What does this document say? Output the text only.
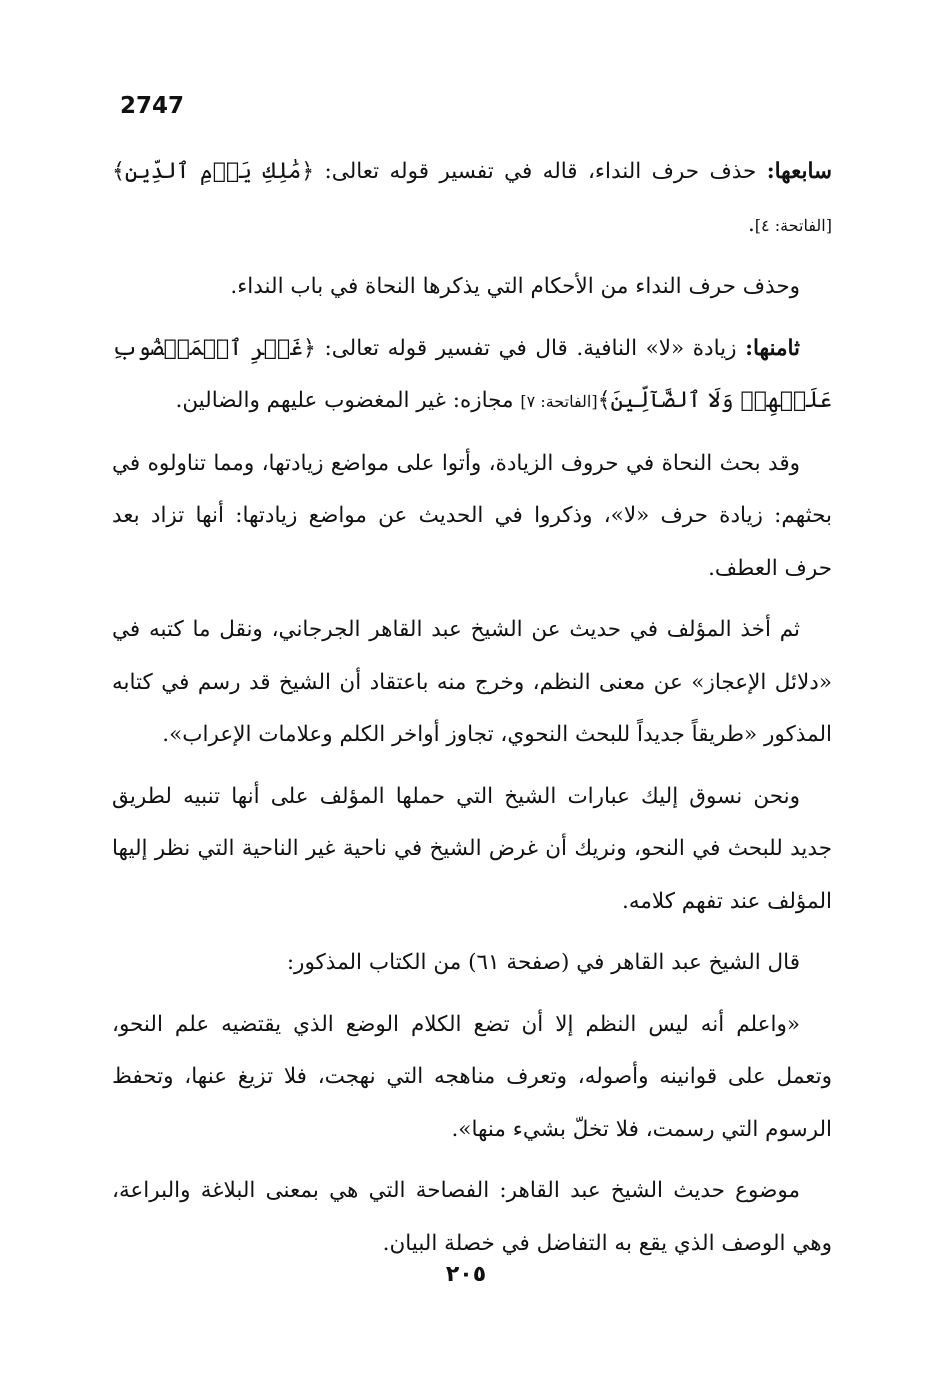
2747

سابعها: حذف حرف النداء، قاله في تفسير قوله تعالى: ﴿مَٰلِكِ يَوۡمِ ٱلدِّينِ﴾[الفاتحة: ٤].

وحذف حرف النداء من الأحكام التي يذكرها النحاة في باب النداء.

ثامنها: زيادة «لا» النافية. قال في تفسير قوله تعالى: ﴿غَيۡرِ ٱلۡمَغۡضُوبِ عَلَيۡهِمۡ وَلَا ٱلضَّآلِّينَ﴾[الفاتحة: ٧] مجازه: غير المغضوب عليهم والضالين.

وقد بحث النحاة في حروف الزيادة، وأتوا على مواضع زيادتها، ومما تناولوه في بحثهم: زيادة حرف «لا»، وذكروا في الحديث عن مواضع زيادتها: أنها تزاد بعد حرف العطف.

ثم أخذ المؤلف في حديث عن الشيخ عبد القاهر الجرجاني، ونقل ما كتبه في «دلائل الإعجاز» عن معنى النظم، وخرج منه باعتقاد أن الشيخ قد رسم في كتابه المذكور «طريقاً جديداً للبحث النحوي، تجاوز أواخر الكلم وعلامات الإعراب».

ونحن نسوق إليك عبارات الشيخ التي حملها المؤلف على أنها تنبيه لطريق جديد للبحث في النحو، ونريك أن غرض الشيخ في ناحية غير الناحية التي نظر إليها المؤلف عند تفهم كلامه.

قال الشيخ عبد القاهر في (صفحة ٦١) من الكتاب المذكور:

«واعلم أنه ليس النظم إلا أن تضع الكلام الوضع الذي يقتضيه علم النحو، وتعمل على قوانينه وأصوله، وتعرف مناهجه التي نهجت، فلا تزيغ عنها، وتحفظ الرسوم التي رسمت، فلا تخلّ بشيء منها».

موضوع حديث الشيخ عبد القاهر: الفصاحة التي هي بمعنى البلاغة والبراعة، وهي الوصف الذي يقع به التفاضل في خصلة البيان.

٢٠٥
